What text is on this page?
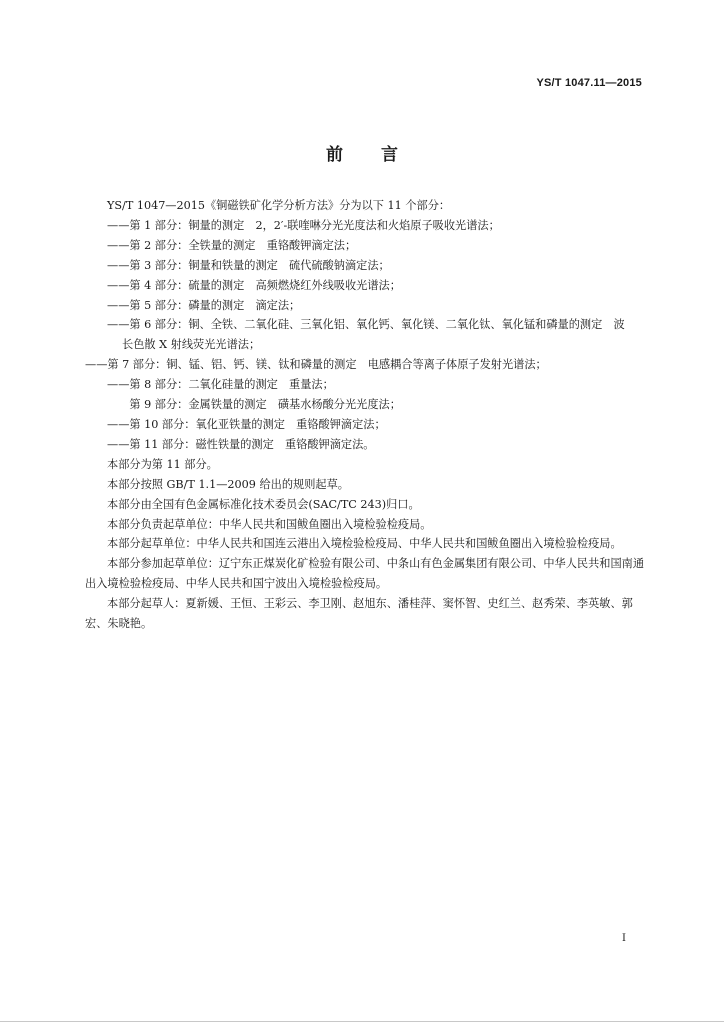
YS/T 1047.11—2015
前言
YS/T 1047—2015《铜磁铁矿化学分析方法》分为以下 11 个部分：
——第 1 部分：铜量的测定　2，2′-联喹啉分光光度法和火焰原子吸收光谱法；
——第 2 部分：全铁量的测定　重铬酸钾滴定法；
——第 3 部分：铜量和铁量的测定　硫代硫酸钠滴定法；
——第 4 部分：硫量的测定　高频燃烧红外线吸收光谱法；
——第 5 部分：磷量的测定　滴定法；
——第 6 部分：铜、全铁、二氧化硅、三氧化铝、氧化钙、氧化镁、二氧化钛、氧化锰和磷量的测定　波
长色散 X 射线荧光光谱法；
——第 7 部分：铜、锰、铝、钙、镁、钛和磷量的测定　电感耦合等离子体原子发射光谱法；
——第 8 部分：二氧化硅量的测定　重量法；
　　第 9 部分：金属铁量的测定　磺基水杨酸分光光度法；
——第 10 部分：氧化亚铁量的测定　重铬酸钾滴定法；
——第 11 部分：磁性铁量的测定　重铬酸钾滴定法。
本部分为第 11 部分。
本部分按照 GB/T 1.1—2009 给出的规则起草。
本部分由全国有色金属标准化技术委员会(SAC/TC 243)归口。
本部分负责起草单位：中华人民共和国鲅鱼圈出入境检验检疫局。
本部分起草单位：中华人民共和国连云港出入境检验检疫局、中华人民共和国鲅鱼圈出入境检验检疫局。
本部分参加起草单位：辽宁东正煤炭化矿检验有限公司、中条山有色金属集团有限公司、中华人民共和国南通出入境检验检疫局、中华人民共和国宁波出入境检验检疫局。
本部分起草人：夏新媛、王恒、王彩云、李卫刚、赵旭东、潘桂萍、窦怀智、史红兰、赵秀荣、李英敏、郭宏、朱晓艳。
I
